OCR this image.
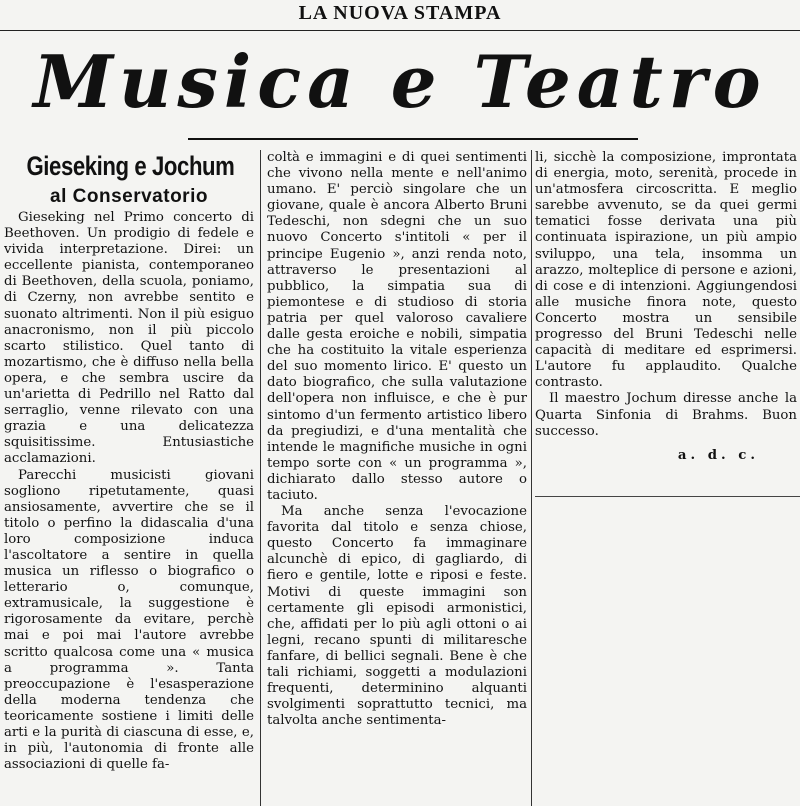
LA NUOVA STAMPA
Musica e Teatro
Gieseking e Jochum
al Conservatorio

Gieseking nel Primo concerto di Beethoven. Un prodigio di fedele e vivida interpretazione. Direi: un eccellente pianista, contemporaneo di Beethoven, della scuola, poniamo, di Czerny, non avrebbe sentito e suonato altrimenti. Non il più esiguo anacronismo, non il più piccolo scarto stilistico. Quel tanto di mozartismo, che è diffuso nella bella opera, e che sembra uscire da un'arietta di Pedrillo nel Ratto dal serraglio, venne rilevato con una grazia e una delicatezza squisitissime. Entusiastiche acclamazioni.

Parecchi musicisti giovani sogliono ripetutamente, quasi ansiosamente, avvertire che se il titolo o perfino la didascalia d'una loro composizione induca l'ascoltatore a sentire in quella musica un riflesso o biografico o letterario o, comunque, extramusicale, la suggestione è rigorosamente da evitare, perchè mai e poi mai l'autore avrebbe scritto qualcosa come una « musica a programma ». Tanta preoccupazione è l'esasperazione della moderna tendenza che teoricamente sostiene i limiti delle arti e la purità di ciascuna di esse, e, in più, l'autonomia di fronte alle associazioni di quelle fa-

coltà e immagini e di quei sentimenti che vivono nella mente e nell'animo umano. E' perciò singolare che un giovane, quale è ancora Alberto Bruni Tedeschi, non sdegni che un suo nuovo Concerto s'intitoli « per il principe Eugenio », anzi renda noto, attraverso le presentazioni al pubblico, la simpatia sua di piemontese e di studioso di storia patria per quel valoroso cavaliere dalle gesta eroiche e nobili, simpatia che ha costituito la vitale esperienza del suo momento lirico. E' questo un dato biografico, che sulla valutazione dell'opera non influisce, e che è pur sintomo d'un fermento artistico libero da pregiudizi, e d'una mentalità che intende le magnifiche musiche in ogni tempo sorte con « un programma », dichiarato dallo stesso autore o taciuto.

Ma anche senza l'evocazione favorita dal titolo e senza chiose, questo Concerto fa immaginare alcunchè di epico, di gagliardo, di fiero e gentile, lotte e riposi e feste. Motivi di queste immagini son certamente gli episodi armonistici, che, affidati per lo più agli ottoni o ai legni, recano spunti di militaresche fanfare, di bellici segnali. Bene è che tali richiami, soggetti a modulazioni frequenti, determinino alquanti svolgimenti soprattutto tecnici, ma talvolta anche sentimenta-

li, sicchè la composizione, improntata di energia, moto, serenità, procede in un'atmosfera circoscritta. E meglio sarebbe avvenuto, se da quei germi tematici fosse derivata una più continuata ispirazione, un più ampio sviluppo, una tela, insomma un arazzo, molteplice di persone e azioni, di cose e di intenzioni. Aggiungendosi alle musiche finora note, questo Concerto mostra un sensibile progresso del Bruni Tedeschi nelle capacità di meditare ed esprimersi. L'autore fu applaudito. Qualche contrasto.

Il maestro Jochum diresse anche la Quarta Sinfonia di Brahms. Buon successo.

a. d. c.
